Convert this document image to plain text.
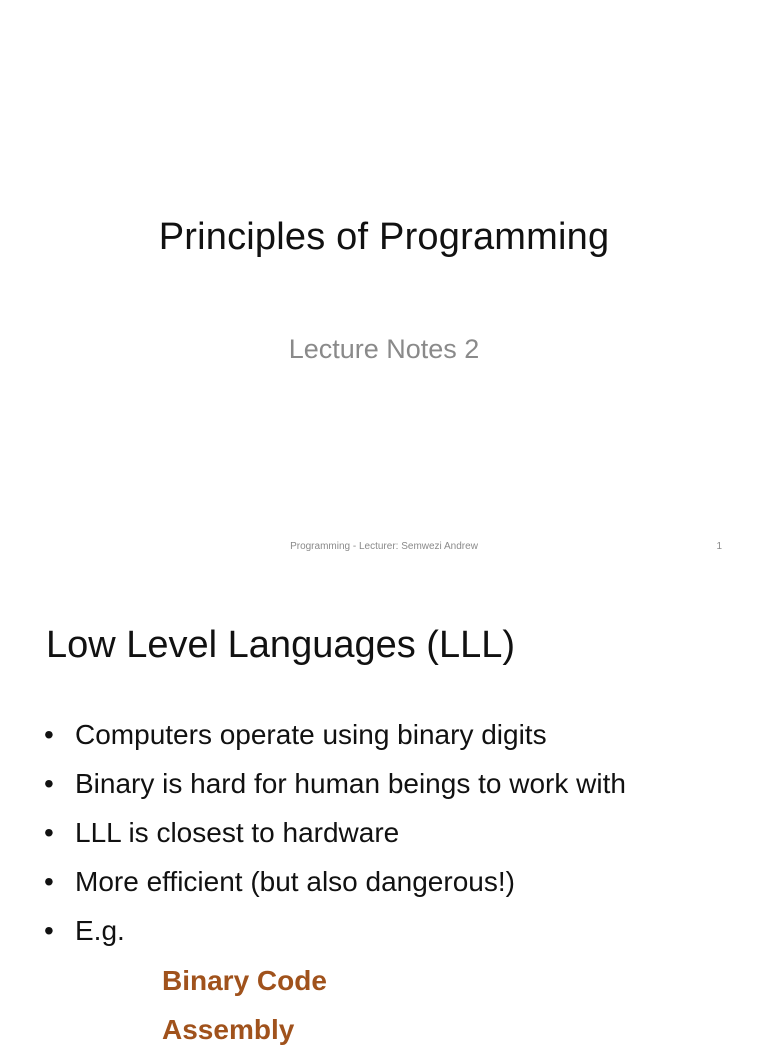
Principles of Programming
Lecture Notes 2
Programming - Lecturer: Semwezi Andrew	1
Low Level Languages (LLL)
• Computers operate using binary digits
• Binary is hard for human beings to work with
• LLL is closest to hardware
• More efficient (but also dangerous!)
• E.g.
Binary Code
Assembly
